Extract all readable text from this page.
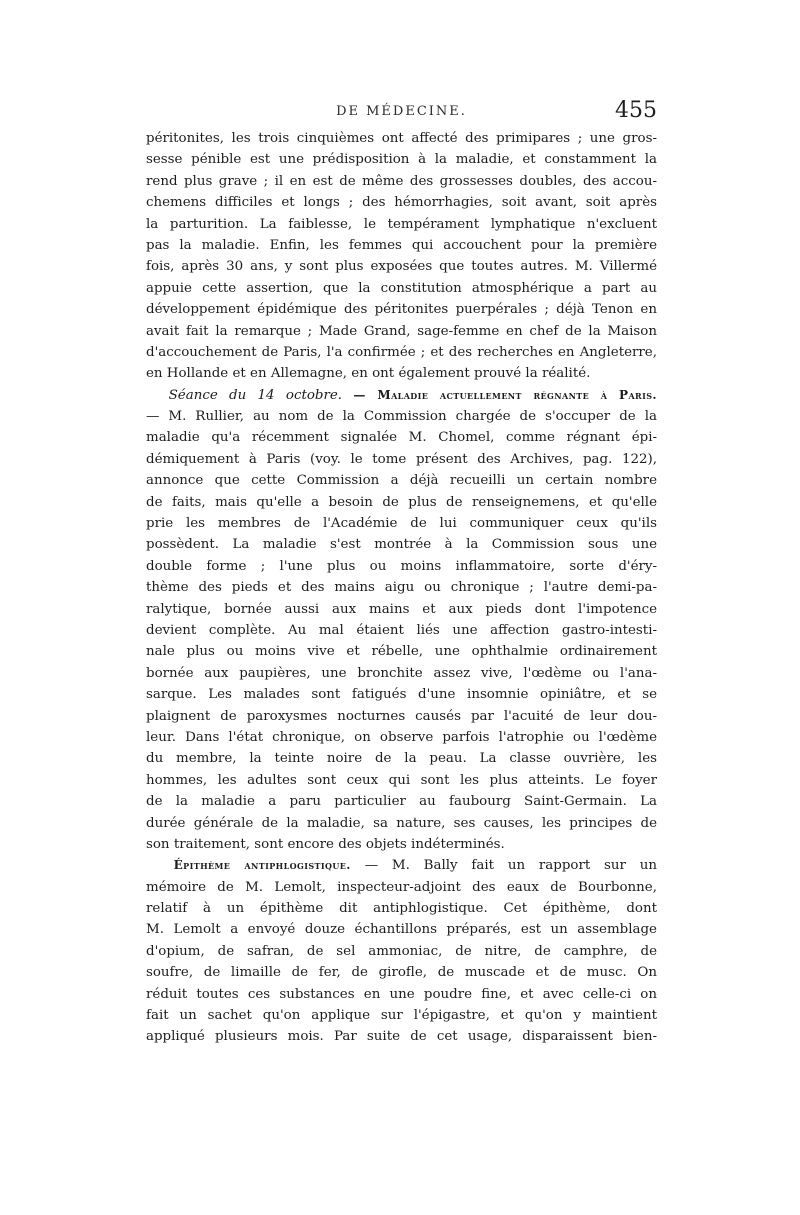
DE MÉDECINE.	455
péritonites, les trois cinquièmes ont affecté des primipares ; une gros-
sesse pénible est une prédisposition à la maladie, et constamment la
rend plus grave ; il en est de même des grossesses doubles, des accou-
chemens difficiles et longs ; des hémorrhagies, soit avant, soit après
la parturition. La faiblesse, le tempérament lymphatique n'excluent
pas la maladie. Enfin, les femmes qui accouchent pour la première
fois, après 30 ans, y sont plus exposées que toutes autres. M. Villermé
appuie cette assertion, que la constitution atmosphérique a part au
développement épidémique des péritonites puerpérales ; déjà Tenon en
avait fait la remarque ; Made Grand, sage-femme en chef de la Maison
d'accouchement de Paris, l'a confirmée ; et des recherches en Angleterre,
en Hollande et en Allemagne, en ont également prouvé la réalité.
Séance du 14 octobre. — Maladie actuellement régnante à Paris.
— M. Rullier, au nom de la Commission chargée de s'occuper de la
maladie qu'a récemment signalée M. Chomel, comme régnant épi-
démiquement à Paris (voy. le tome présent des Archives, pag. 122),
annonce que cette Commission a déjà recueilli un certain nombre
de faits, mais qu'elle a besoin de plus de renseignemens, et qu'elle
prie les membres de l'Académie de lui communiquer ceux qu'ils
possèdent. La maladie s'est montrée à la Commission sous une
double forme ; l'une plus ou moins inflammatoire, sorte d'éry-
thème des pieds et des mains aigu ou chronique ; l'autre demi-pa-
ralytique, bornée aussi aux mains et aux pieds dont l'impotence
devient complète. Au mal étaient liés une affection gastro-intesti-
nale plus ou moins vive et rébelle, une ophthalmie ordinairement
bornée aux paupières, une bronchite assez vive, l'œdème ou l'ana-
sarque. Les malades sont fatigués d'une insomnie opiniâtre, et se
plaignent de paroxysmes nocturnes causés par l'acuité de leur dou-
leur. Dans l'état chronique, on observe parfois l'atrophie ou l'œdème
du membre, la teinte noire de la peau. La classe ouvrière, les
hommes, les adultes sont ceux qui sont les plus atteints. Le foyer
de la maladie a paru particulier au faubourg Saint-Germain. La
durée générale de la maladie, sa nature, ses causes, les principes de
son traitement, sont encore des objets indéterminés.
Épithème antiphlogistique. — M. Bally fait un rapport sur un
mémoire de M. Lemolt, inspecteur-adjoint des eaux de Bourbonne,
relatif à un épithème dit antiphlogistique. Cet épithème, dont
M. Lemolt a envoyé douze échantillons préparés, est un assemblage
d'opium, de safran, de sel ammoniac, de nitre, de camphre, de
soufre, de limaille de fer, de girofle, de muscade et de musc. On
réduit toutes ces substances en une poudre fine, et avec celle-ci on
fait un sachet qu'on applique sur l'épigastre, et qu'on y maintient
appliqué plusieurs mois. Par suite de cet usage, disparaissent bien-
